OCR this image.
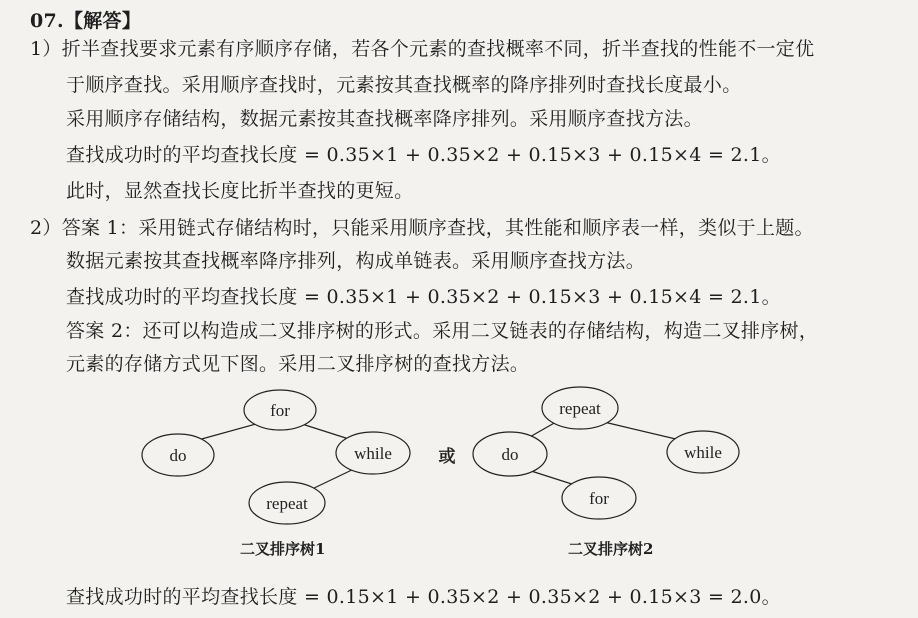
07.【解答】
1）折半查找要求元素有序顺序存储，若各个元素的查找概率不同，折半查找的性能不一定优
于顺序查找。采用顺序查找时，元素按其查找概率的降序排列时查找长度最小。
采用顺序存储结构，数据元素按其查找概率降序排列。采用顺序查找方法。
查找成功时的平均查找长度 = 0.35×1 + 0.35×2 + 0.15×3 + 0.15×4 = 2.1。
此时，显然查找长度比折半查找的更短。
2）答案 1：采用链式存储结构时，只能采用顺序查找，其性能和顺序表一样，类似于上题。
数据元素按其查找概率降序排列，构成单链表。采用顺序查找方法。
查找成功时的平均查找长度 = 0.35×1 + 0.35×2 + 0.15×3 + 0.15×4 = 2.1。
答案 2：还可以构造成二叉排序树的形式。采用二叉链表的存储结构，构造二叉排序树，
元素的存储方式见下图。采用二叉排序树的查找方法。
for
do	while
repeat
或
repeat
do	while
for
二叉排序树1	二叉排序树2
查找成功时的平均查找长度 = 0.15×1 + 0.35×2 + 0.35×2 + 0.15×3 = 2.0。
